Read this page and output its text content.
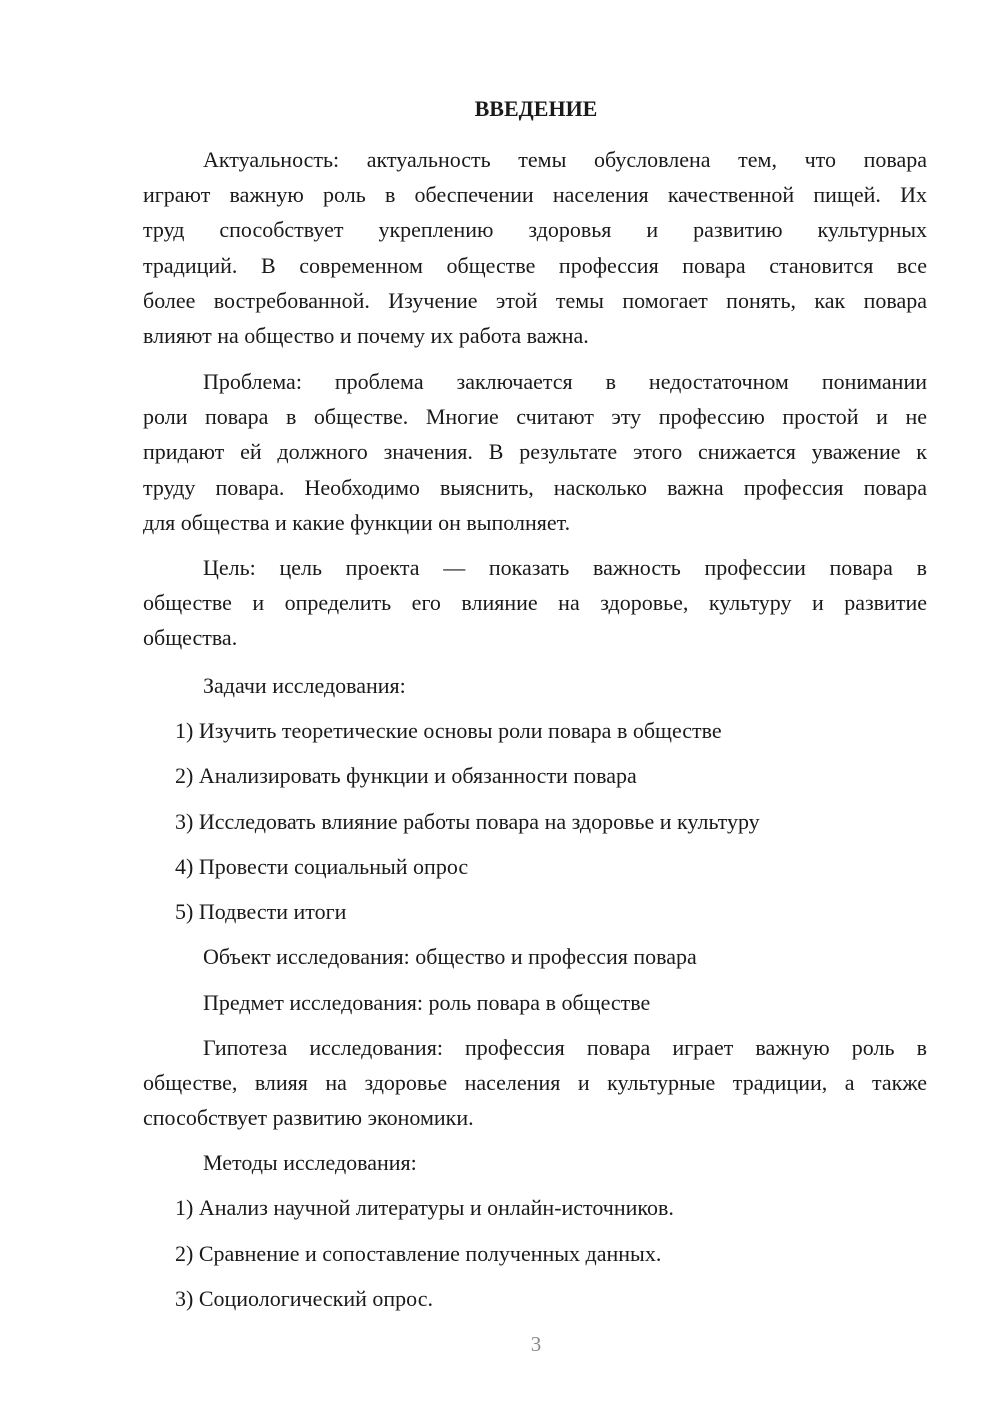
ВВЕДЕНИЕ
Актуальность: актуальность темы обусловлена тем, что повара
играют важную роль в обеспечении населения качественной пищей. Их
труд способствует укреплению здоровья и развитию культурных
традиций. В современном обществе профессия повара становится все
более востребованной. Изучение этой темы помогает понять, как повара
влияют на общество и почему их работа важна.
Проблема: проблема заключается в недостаточном понимании
роли повара в обществе. Многие считают эту профессию простой и не
придают ей должного значения. В результате этого снижается уважение к
труду повара. Необходимо выяснить, насколько важна профессия повара
для общества и какие функции он выполняет.
Цель: цель проекта — показать важность профессии повара в
обществе и определить его влияние на здоровье, культуру и развитие
общества.
Задачи исследования:
1) Изучить теоретические основы роли повара в обществе
2) Анализировать функции и обязанности повара
3) Исследовать влияние работы повара на здоровье и культуру
4) Провести социальный опрос
5) Подвести итоги
Объект исследования: общество и профессия повара
Предмет исследования: роль повара в обществе
Гипотеза исследования: профессия повара играет важную роль в
обществе, влияя на здоровье населения и культурные традиции, а также
способствует развитию экономики.
Методы исследования:
1) Анализ научной литературы и онлайн-источников.
2) Сравнение и сопоставление полученных данных.
3) Социологический опрос.
3
